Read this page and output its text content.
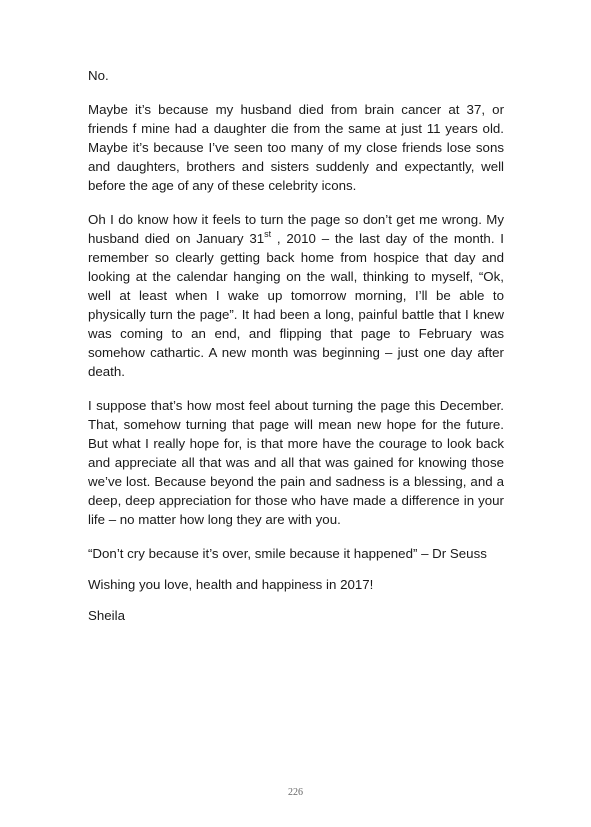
No.

Maybe it’s because my husband died from brain cancer at 37, or friends f mine had a daughter die from the same at just 11 years old. Maybe it’s because I’ve seen too many of my close friends lose sons and daughters, brothers and sisters suddenly and expectantly, well before the age of any of these celebrity icons.

Oh I do know how it feels to turn the page so don’t get me wrong. My husband died on January 31st , 2010 – the last day of the month. I remember so clearly getting back home from hospice that day and looking at the calendar hanging on the wall, thinking to myself, “Ok, well at least when I wake up tomorrow morning, I’ll be able to physically turn the page”. It had been a long, painful battle that I knew was coming to an end, and flipping that page to February was somehow cathartic. A new month was beginning – just one day after death.

I suppose that’s how most feel about turning the page this December. That, somehow turning that page will mean new hope for the future. But what I really hope for, is that more have the courage to look back and appreciate all that was and all that was gained for knowing those we’ve lost. Because beyond the pain and sadness is a blessing, and a deep, deep appreciation for those who have made a difference in your life – no matter how long they are with you.

“Don’t cry because it’s over, smile because it happened” – Dr Seuss

Wishing you love, health and happiness in 2017!

Sheila

226
